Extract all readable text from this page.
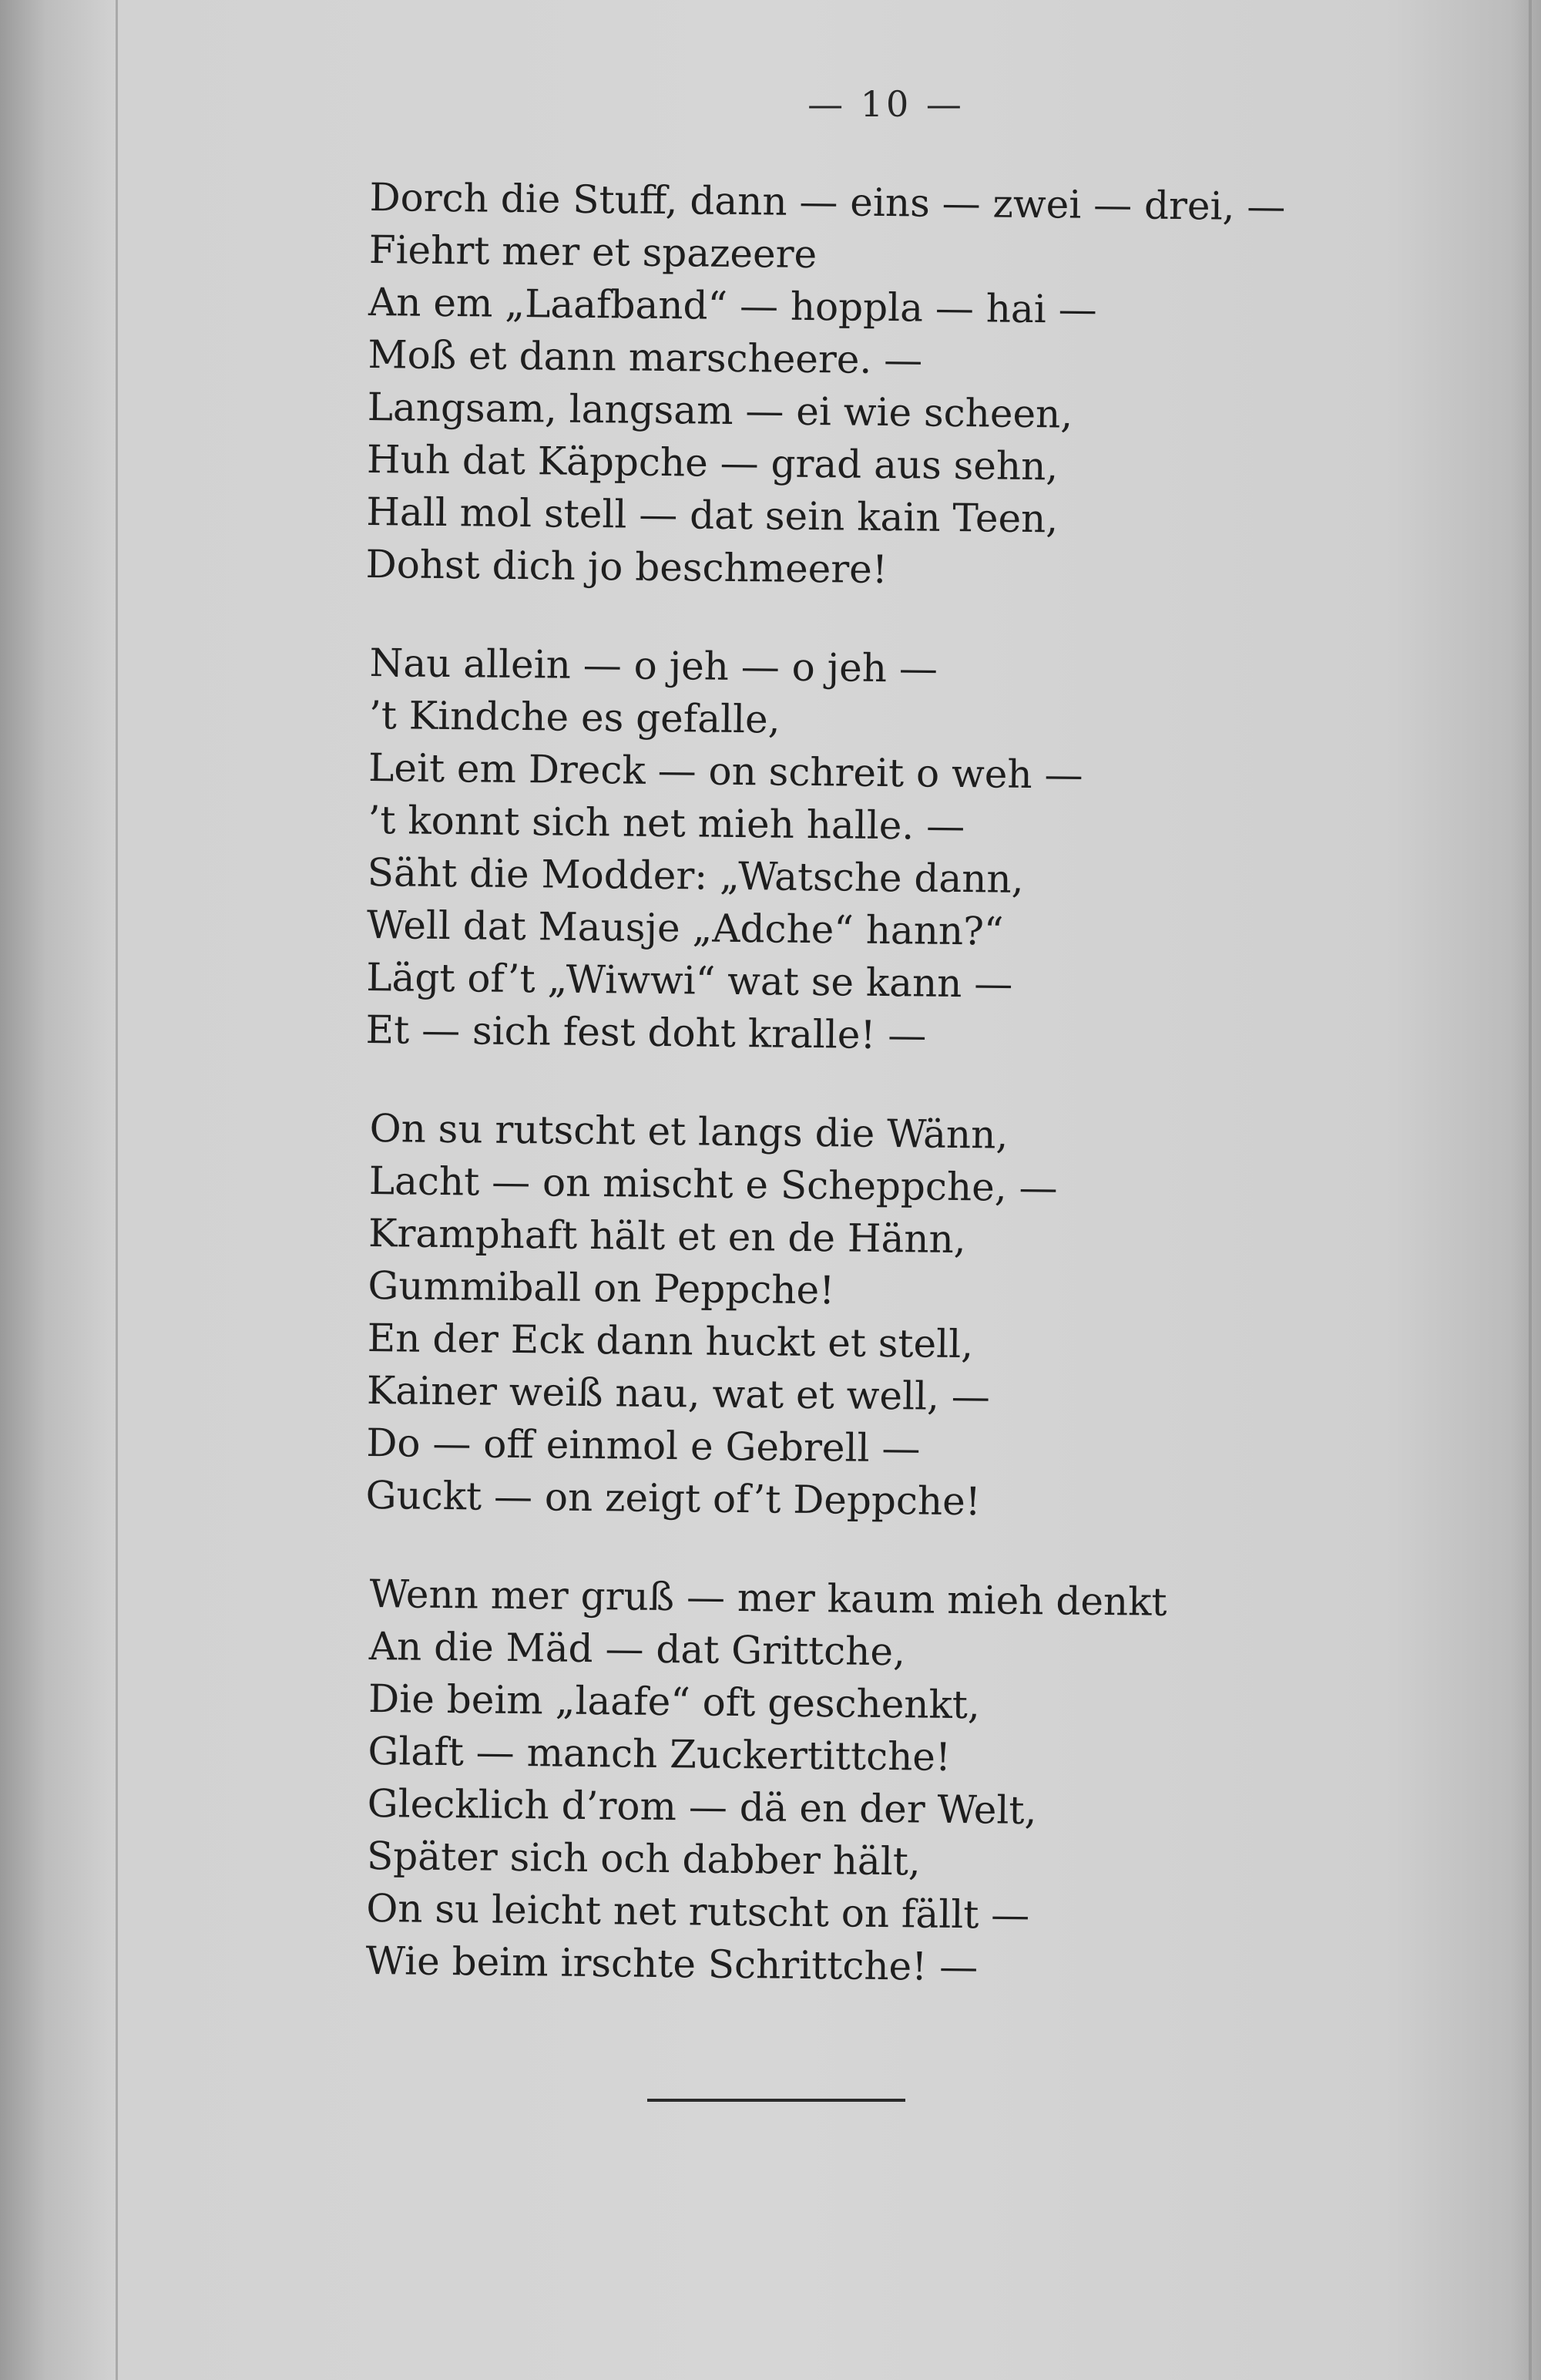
— 10 —
Dorch die Stuff, dann — eins — zwei — drei, —
Fiehrt mer et spazeere
An em „Laafband“ — hoppla — hai —
Moß et dann marscheere. —
Langsam, langsam — ei wie scheen,
Huh dat Käppche — grad aus sehn,
Hall mol stell — dat sein kain Teen,
Dohst dich jo beschmeere!
Nau allein — o jeh — o jeh —
’t Kindche es gefalle,
Leit em Dreck — on schreit o weh —
’t konnt sich net mieh halle. —
Säht die Modder: „Watsche dann,
Well dat Mausje „Adche“ hann?“
Lägt of’t „Wiwwi“ wat se kann —
Et — sich fest doht kralle! —
On su rutscht et langs die Wänn,
Lacht — on mischt e Scheppche, —
Kramphaft hält et en de Hänn,
Gummiball on Peppche!
En der Eck dann huckt et stell,
Kainer weiß nau, wat et well, —
Do — off einmol e Gebrell —
Guckt — on zeigt of’t Deppche!
Wenn mer gruß — mer kaum mieh denkt
An die Mäd — dat Grittche,
Die beim „laafe“ oft geschenkt,
Glaft — manch Zuckertittche!
Glecklich d’rom — dä en der Welt,
Später sich och dabber hält,
On su leicht net rutscht on fällt —
Wie beim irschte Schrittche! —
